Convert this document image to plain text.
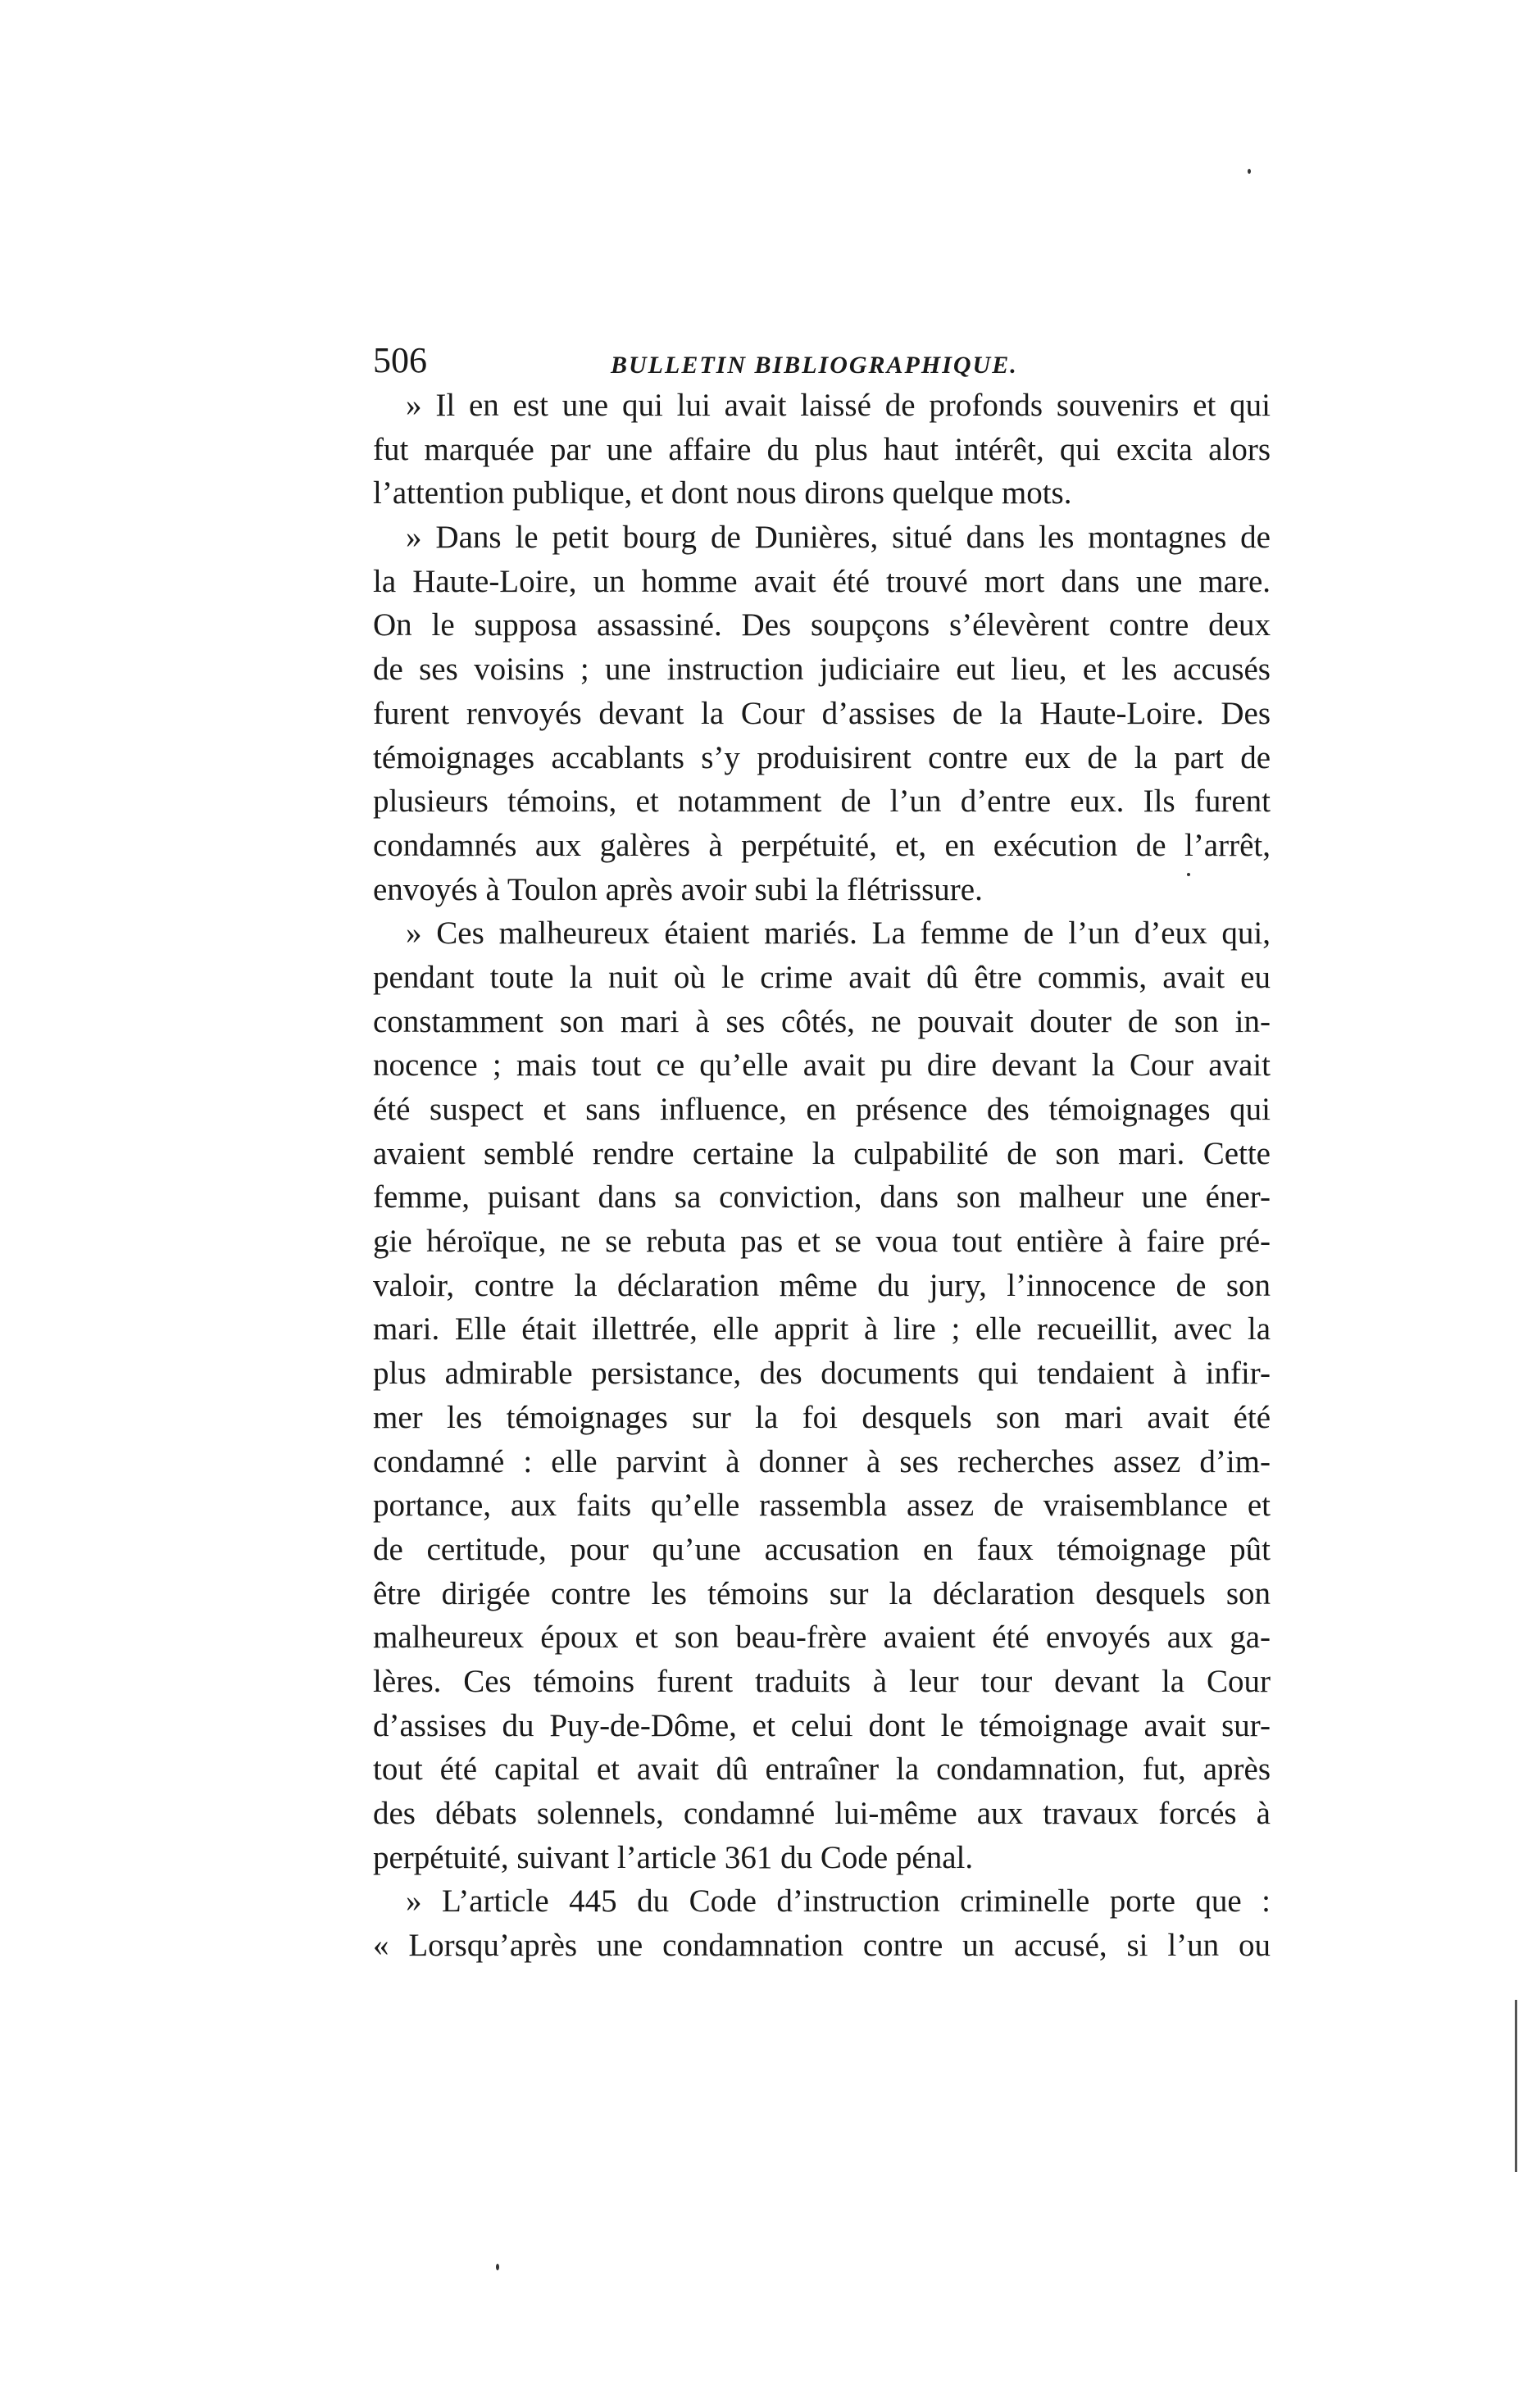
506	BULLETIN BIBLIOGRAPHIQUE.
» Il en est une qui lui avait laissé de profonds souvenirs et qui
fut marquée par une affaire du plus haut intérêt, qui excita alors
l’attention publique, et dont nous dirons quelque mots.
» Dans le petit bourg de Dunières, situé dans les montagnes de
la Haute-Loire, un homme avait été trouvé mort dans une mare.
On le supposa assassiné. Des soupçons s’élevèrent contre deux
de ses voisins ; une instruction judiciaire eut lieu, et les accusés
furent renvoyés devant la Cour d’assises de la Haute-Loire. Des
témoignages accablants s’y produisirent contre eux de la part de
plusieurs témoins, et notamment de l’un d’entre eux. Ils furent
condamnés aux galères à perpétuité, et, en exécution de l’arrêt,
envoyés à Toulon après avoir subi la flétrissure.
» Ces malheureux étaient mariés. La femme de l’un d’eux qui,
pendant toute la nuit où le crime avait dû être commis, avait eu
constamment son mari à ses côtés, ne pouvait douter de son in-
nocence ; mais tout ce qu’elle avait pu dire devant la Cour avait
été suspect et sans influence, en présence des témoignages qui
avaient semblé rendre certaine la culpabilité de son mari. Cette
femme, puisant dans sa conviction, dans son malheur une éner-
gie héroïque, ne se rebuta pas et se voua tout entière à faire pré-
valoir, contre la déclaration même du jury, l’innocence de son
mari. Elle était illettrée, elle apprit à lire ; elle recueillit, avec la
plus admirable persistance, des documents qui tendaient à infir-
mer les témoignages sur la foi desquels son mari avait été
condamné : elle parvint à donner à ses recherches assez d’im-
portance, aux faits qu’elle rassembla assez de vraisemblance et
de certitude, pour qu’une accusation en faux témoignage pût
être dirigée contre les témoins sur la déclaration desquels son
malheureux époux et son beau-frère avaient été envoyés aux ga-
lères. Ces témoins furent traduits à leur tour devant la Cour
d’assises du Puy-de-Dôme, et celui dont le témoignage avait sur-
tout été capital et avait dû entraîner la condamnation, fut, après
des débats solennels, condamné lui-même aux travaux forcés à
perpétuité, suivant l’article 361 du Code pénal.
» L’article 445 du Code d’instruction criminelle porte que :
« Lorsqu’après une condamnation contre un accusé, si l’un ou
